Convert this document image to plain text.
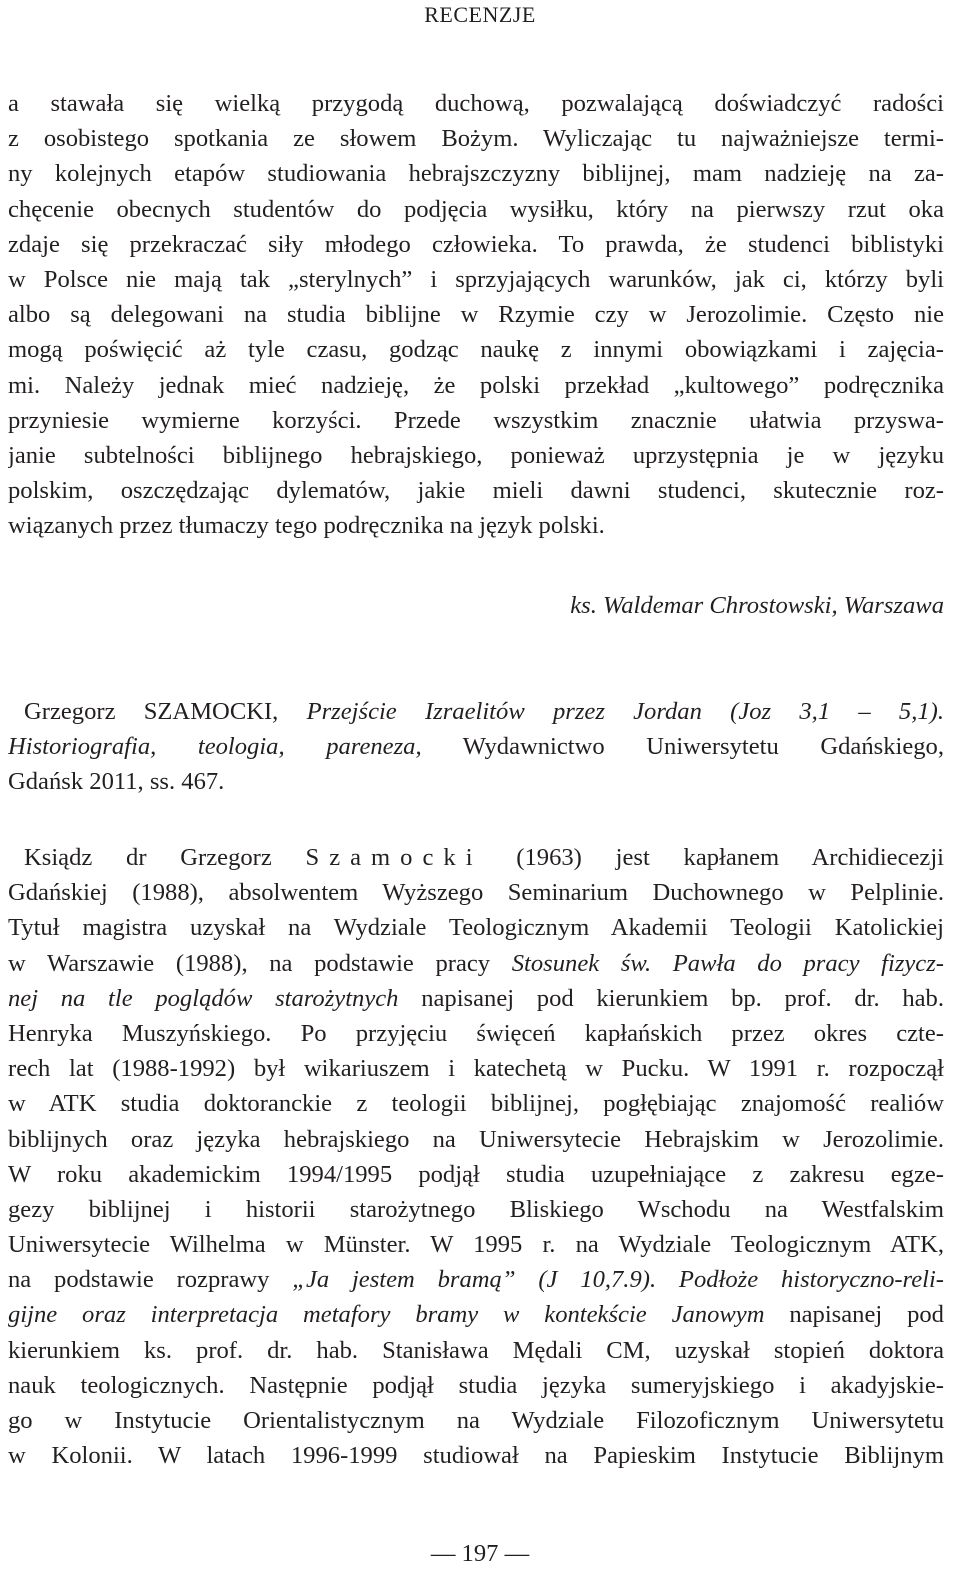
RECENZJE
a stawała się wielką przygodą duchową, pozwalającą doświadczyć radości
z osobistego spotkania ze słowem Bożym. Wyliczając tu najważniejsze termi-
ny kolejnych etapów studiowania hebrajszczyzny biblijnej, mam nadzieję na za-
chęcenie obecnych studentów do podjęcia wysiłku, który na pierwszy rzut oka
zdaje się przekraczać siły młodego człowieka. To prawda, że studenci biblistyki
w Polsce nie mają tak „sterylnych” i sprzyjających warunków, jak ci, którzy byli
albo są delegowani na studia biblijne w Rzymie czy w Jerozolimie. Często nie
mogą poświęcić aż tyle czasu, godząc naukę z innymi obowiązkami i zajęcia-
mi. Należy jednak mieć nadzieję, że polski przekład „kultowego” podręcznika
przyniesie wymierne korzyści. Przede wszystkim znacznie ułatwia przyswa-
janie subtelności biblijnego hebrajskiego, ponieważ uprzystępnia je w języku
polskim, oszczędzając dylematów, jakie mieli dawni studenci, skutecznie roz-
wiązanych przez tłumaczy tego podręcznika na język polski.
ks. Waldemar Chrostowski, Warszawa
Grzegorz SZAMOCKI, Przejście Izraelitów przez Jordan (Joz 3,1 – 5,1).
Historiografia, teologia, pareneza, Wydawnictwo Uniwersytetu Gdańskiego,
Gdańsk 2011, ss. 467.
Ksiądz dr Grzegorz Szamocki (1963) jest kapłanem Archidiecezji
Gdańskiej (1988), absolwentem Wyższego Seminarium Duchownego w Pelplinie.
Tytuł magistra uzyskał na Wydziale Teologicznym Akademii Teologii Katolickiej
w Warszawie (1988), na podstawie pracy Stosunek św. Pawła do pracy fizycz-
nej na tle poglądów starożytnych napisanej pod kierunkiem bp. prof. dr. hab.
Henryka Muszyńskiego. Po przyjęciu święceń kapłańskich przez okres czte-
rech lat (1988-1992) był wikariuszem i katechetą w Pucku. W 1991 r. rozpoczął
w ATK studia doktoranckie z teologii biblijnej, pogłębiając znajomość realiów
biblijnych oraz języka hebrajskiego na Uniwersytecie Hebrajskim w Jerozolimie.
W roku akademickim 1994/1995 podjął studia uzupełniające z zakresu egze-
gezy biblijnej i historii starożytnego Bliskiego Wschodu na Westfalskim
Uniwersytecie Wilhelma w Münster. W 1995 r. na Wydziale Teologicznym ATK,
na podstawie rozprawy „Ja jestem bramą” (J 10,7.9). Podłoże historyczno-reli-
gijne oraz interpretacja metafory bramy w kontekście Janowym napisanej pod
kierunkiem ks. prof. dr. hab. Stanisława Mędali CM, uzyskał stopień doktora
nauk teologicznych. Następnie podjął studia języka sumeryjskiego i akadyjskie-
go w Instytucie Orientalistycznym na Wydziale Filozoficznym Uniwersytetu
w Kolonii. W latach 1996-1999 studiował na Papieskim Instytucie Biblijnym
— 197 —
